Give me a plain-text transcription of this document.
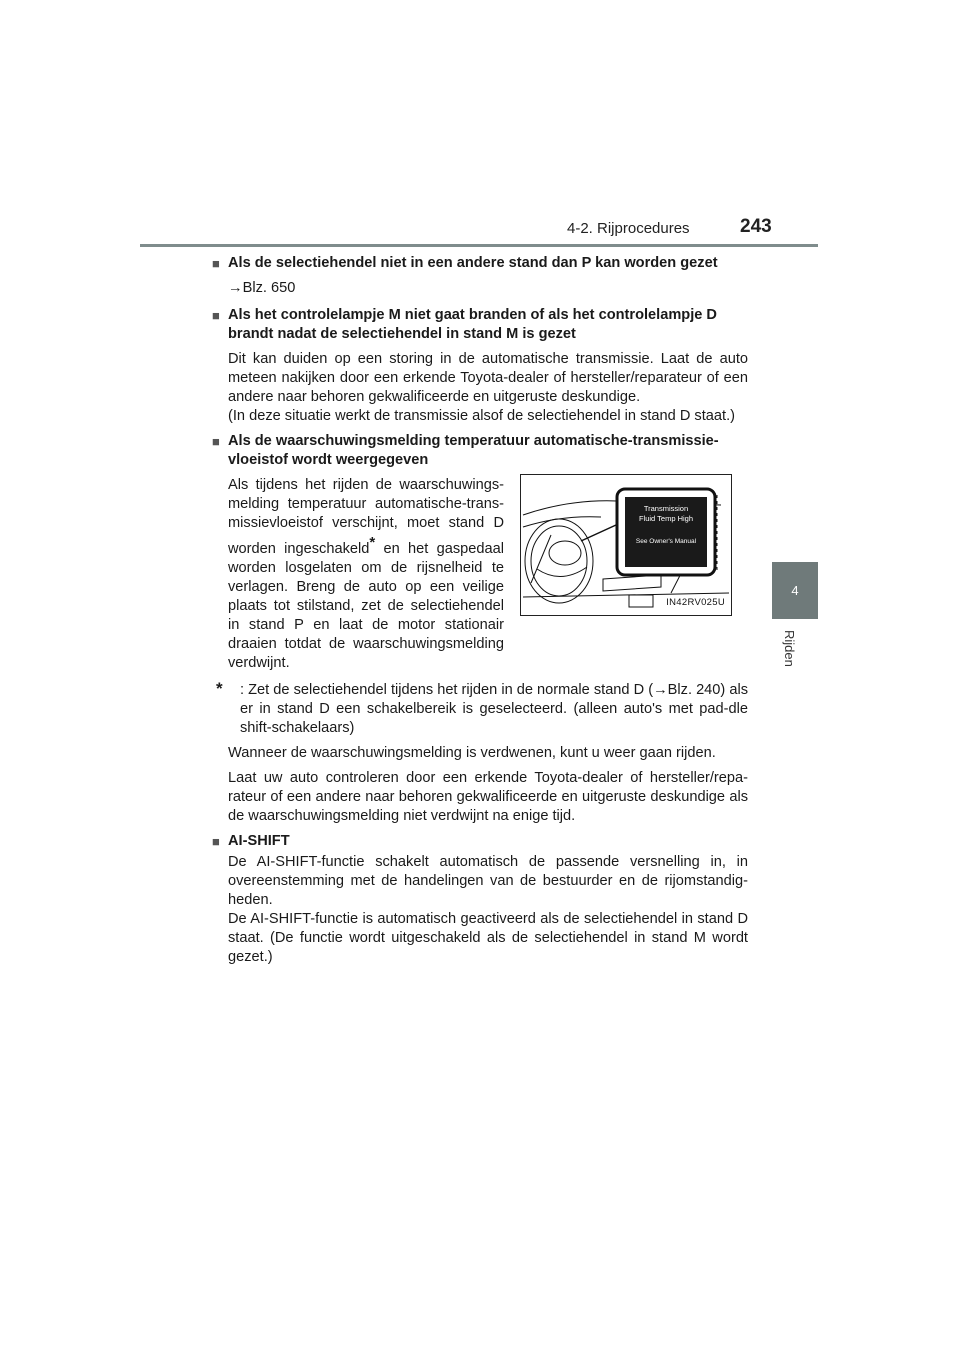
4-2. Rijprocedures	243
4
Rijden
■ Als de selectiehendel niet in een andere stand dan P kan worden gezet
→Blz. 650
■ Als het controlelampje M niet gaat branden of als het controlelampje D brandt nadat de selectiehendel in stand M is gezet
Dit kan duiden op een storing in de automatische transmissie. Laat de auto meteen nakijken door een erkende Toyota-dealer of hersteller/reparateur of een andere naar behoren gekwalificeerde en uitgeruste deskundige.
(In deze situatie werkt de transmissie alsof de selectiehendel in stand D staat.)
■ Als de waarschuwingsmelding temperatuur automatische-transmissie-vloeistof wordt weergegeven
Als tijdens het rijden de waarschuwings-melding temperatuur automatische-trans-missievloeistof verschijnt, moet stand D worden ingeschakeld* en het gaspedaal worden losgelaten om de rijsnelheid te verlagen. Breng de auto op een veilige plaats tot stilstand, zet de selectiehendel in stand P en laat de motor stationair draaien totdat de waarschuwingsmelding verdwijnt.
Transmission
Fluid Temp High
See Owner's Manual
IN42RV025U
* : Zet de selectiehendel tijdens het rijden in de normale stand D (→Blz. 240) als er in stand D een schakelbereik is geselecteerd. (alleen auto's met pad-dle shift-schakelaars)
Wanneer de waarschuwingsmelding is verdwenen, kunt u weer gaan rijden.
Laat uw auto controleren door een erkende Toyota-dealer of hersteller/repa-rateur of een andere naar behoren gekwalificeerde en uitgeruste deskundige als de waarschuwingsmelding niet verdwijnt na enige tijd.
■ AI-SHIFT
De AI-SHIFT-functie schakelt automatisch de passende versnelling in, in overeenstemming met de handelingen van de bestuurder en de rijomstandig-heden.
De AI-SHIFT-functie is automatisch geactiveerd als de selectiehendel in stand D staat. (De functie wordt uitgeschakeld als de selectiehendel in stand M wordt gezet.)
